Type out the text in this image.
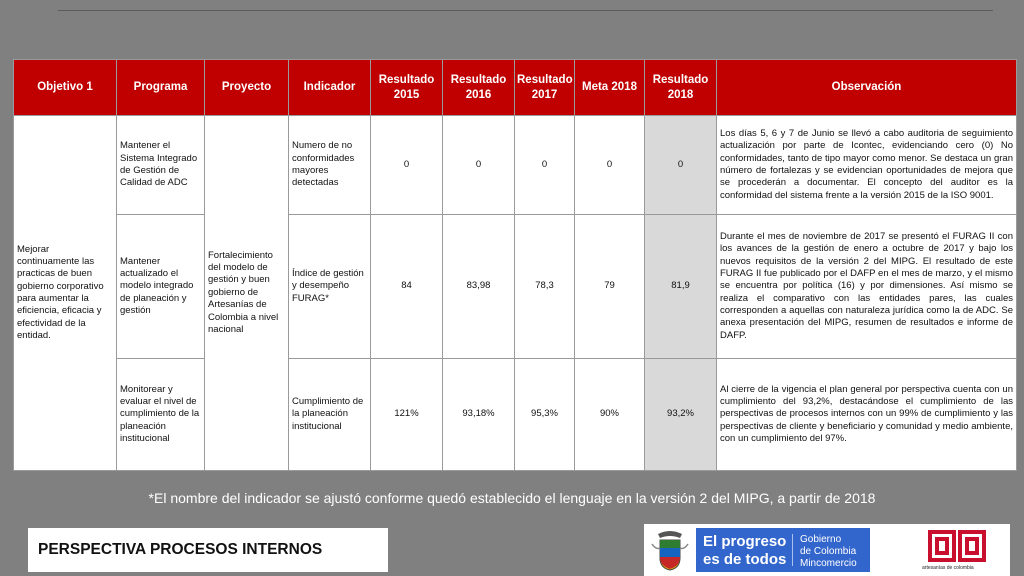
Objetivo 1	Programa	Proyecto	Indicador	Resultado 2015	Resultado 2016	Resultado 2017	Meta 2018	Resultado 2018	Observación
Mejorar continuamente las practicas de buen gobierno corporativo para aumentar la eficiencia, eficacia y efectividad de la entidad.	Mantener el Sistema Integrado de Gestión de Calidad de ADC	Fortalecimiento del modelo de gestión y buen gobierno de Artesanías de Colombia a nivel nacional	Numero de no conformidades mayores detectadas	0	0	0	0	0	Los días 5, 6 y 7 de Junio se llevó a cabo auditoria de seguimiento actualización por parte de Icontec, evidenciando cero (0) No conformidades, tanto de tipo mayor como menor. Se destaca un gran número de fortalezas y se evidencian oportunidades de mejora que se procederán a documentar. El concepto del auditor es la conformidad del sistema frente a la versión 2015 de la ISO 9001.
	Mantener actualizado el modelo integrado de planeación y gestión		Índice de gestión y desempeño FURAG*	84	83,98	78,3	79	81,9	Durante el mes de noviembre de 2017 se presentó el FURAG II con los avances de la gestión de enero a octubre de 2017 y bajo los nuevos requisitos de la versión 2 del MIPG. El resultado de este FURAG II fue publicado por el DAFP en el mes de marzo, y el mismo se encuentra por política (16) y por dimensiones. Así mismo se realiza el comparativo con las entidades pares, las cuales corresponden a aquellas con naturaleza jurídica como la de ADC. Se anexa presentación del MIPG, resumen de resultados e informe de DAFP.
	Monitorear y evaluar el nivel de cumplimiento de la planeación institucional		Cumplimiento de la planeación institucional	121%	93,18%	95,3%	90%	93,2%	Al cierre de la vigencia el plan general por perspectiva cuenta con un cumplimiento del 93,2%, destacándose el cumplimiento de las perspectivas de procesos internos con un 99% de cumplimiento y las perspectivas de cliente y beneficiario y comunidad y medio ambiente, con un cumplimiento del 97%.
*El nombre del indicador se ajustó conforme quedó establecido el lenguaje en la versión 2 del MIPG, a partir de 2018
PERSPECTIVA PROCESOS INTERNOS	El progreso
es de todos
Gobierno
de Colombia
Mincomercio	artesanías de colombia
